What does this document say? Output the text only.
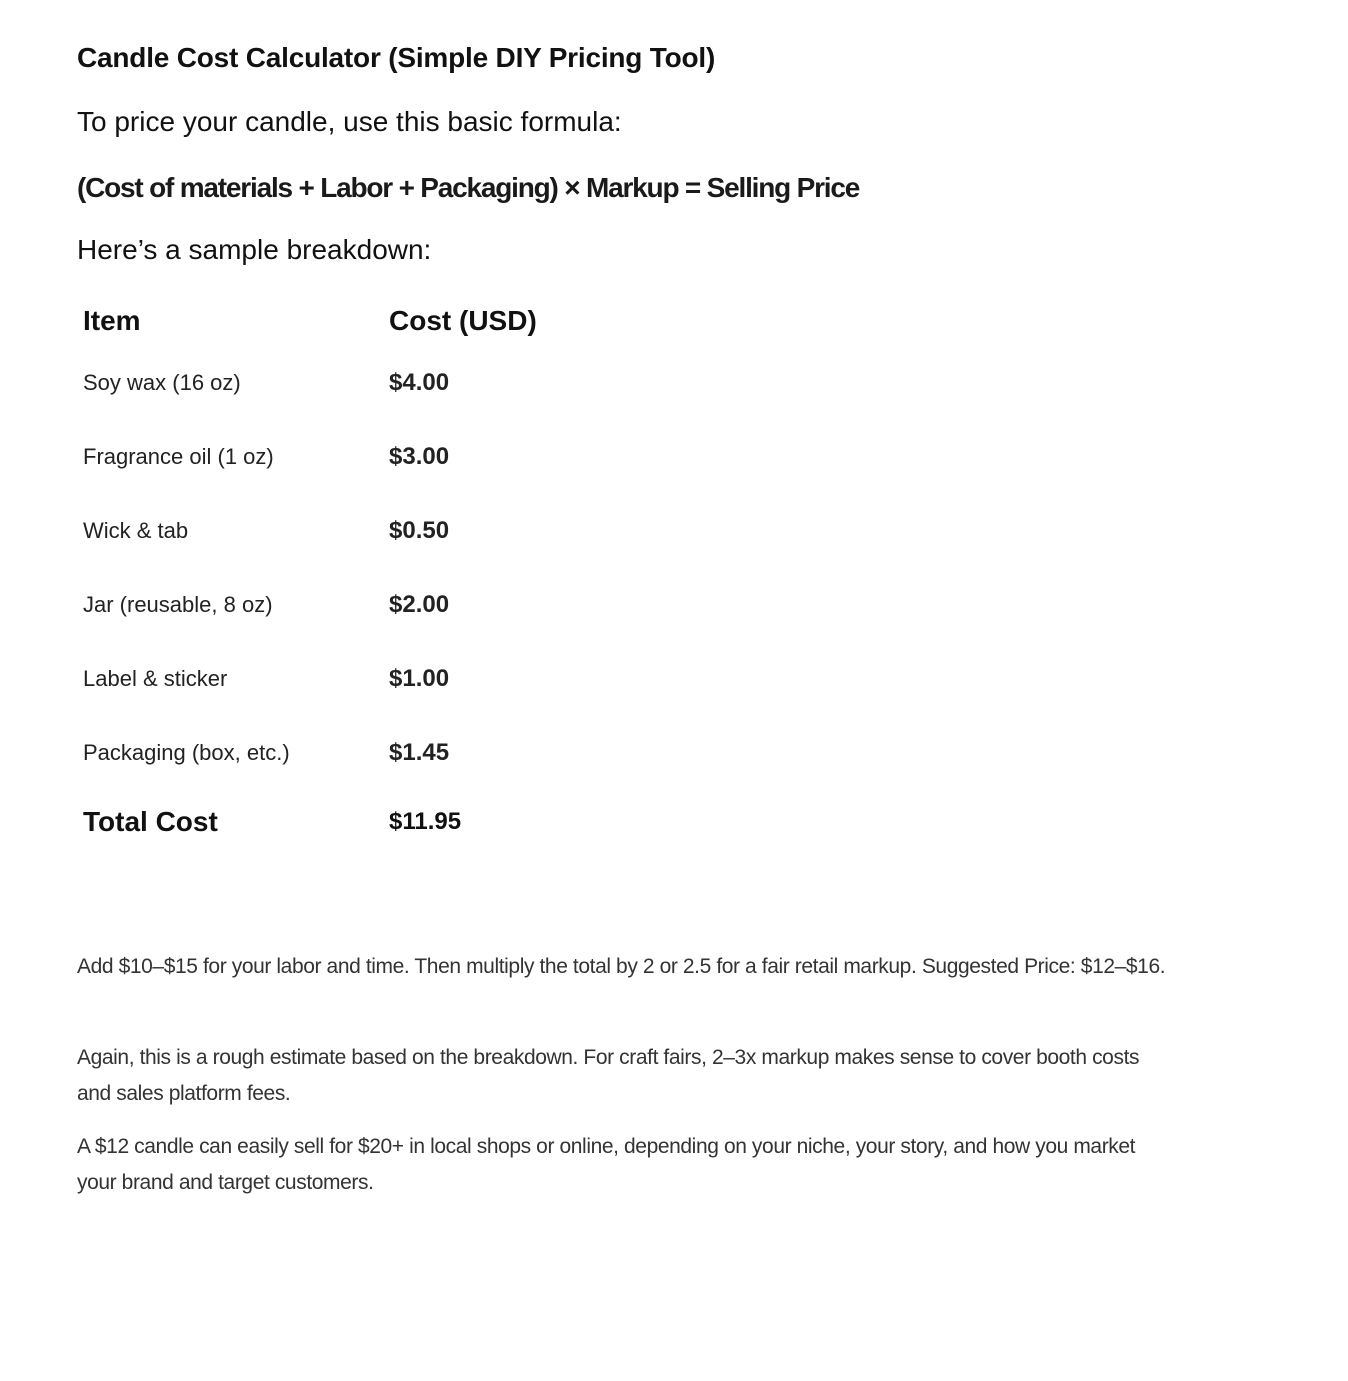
Candle Cost Calculator (Simple DIY Pricing Tool)
To price your candle, use this basic formula:
(Cost of materials + Labor + Packaging) × Markup = Selling Price
Here’s a sample breakdown:
Item	Cost (USD)
Soy wax (16 oz)	$4.00
Fragrance oil (1 oz)	$3.00
Wick & tab	$0.50
Jar (reusable, 8 oz)	$2.00
Label & sticker	$1.00
Packaging (box, etc.)	$1.45
Total Cost	$11.95

Add $10–$15 for your labor and time. Then multiply the total by 2 or 2.5 for a fair retail markup. Suggested Price: $12–$16.

Again, this is a rough estimate based on the breakdown. For craft fairs, 2–3x markup makes sense to cover booth costs and sales platform fees.

A $12 candle can easily sell for $20+ in local shops or online, depending on your niche, your story, and how you market your brand and target customers.
